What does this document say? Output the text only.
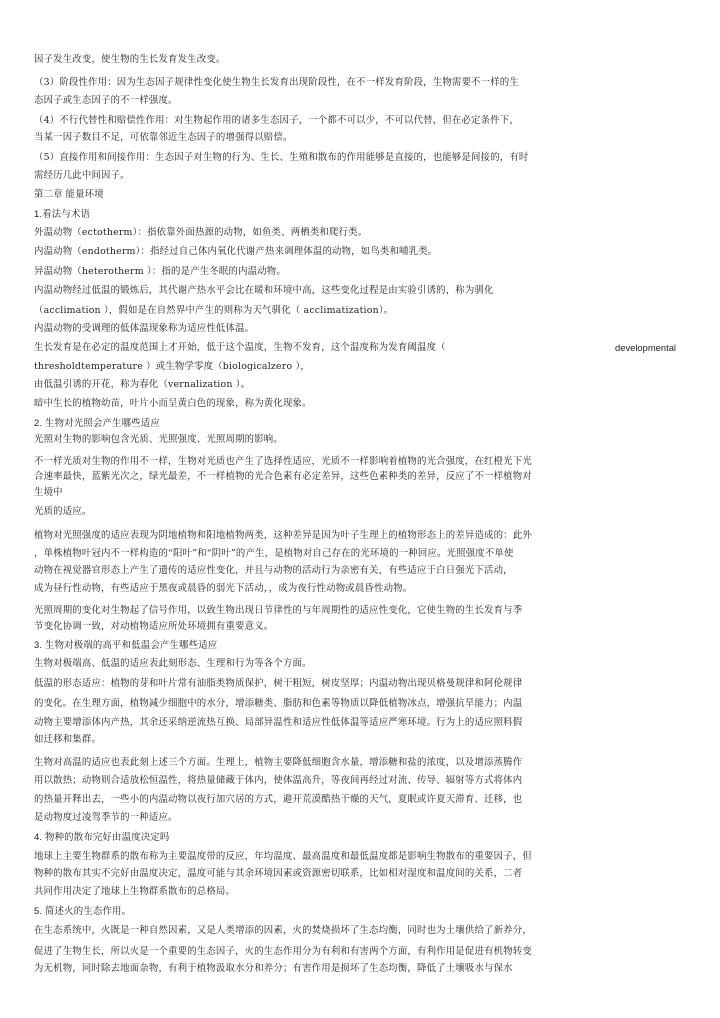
因子发生改变，使生物的生长发育发生改变。
（3）阶段性作用：因为生态因子规律性变化使生物生长发育出现阶段性，在不一样发育阶段，生物需要不一样的生
态因子或生态因子的不一样强度。
（4）不行代替性和赔偿性作用：对生物起作用的诸多生态因子，一个都不可以少，不可以代替，但在必定条件下，
当某一因子数目不足，可依靠邻近生态因子的增强得以赔偿。
（5）直接作用和间接作用：生态因子对生物的行为、生长、生殖和散布的作用能够是直接的，也能够是间接的，有时
需经历几此中间因子。
第二章 能量环境
1.看法与术语
外温动物（ectotherm）：指依靠外面热源的动物，如鱼类、两栖类和爬行类。
内温动物（endotherm）：指经过自己体内氧化代谢产热来调理体温的动物，如鸟类和哺乳类。
异温动物（heterotherm ）：指的是产生冬眠的内温动物。
内温动物经过低温的锻炼后，其代谢产热水平会比在暖和环境中高，这些变化过程是由实验引诱的，称为驯化
（acclimation ），假如是在自然界中产生的则称为天气驯化（ acclimatization）。
内温动物的受调理的低体温现象称为适应性低体温。
生长发育是在必定的温度范围上才开始，低于这个温度，生物不发育，这个温度称为发育阈温度（	developmental
thresholdtemperature ）或生物学零度（biologicalzero ），
由低温引诱的开花，称为春化（vernalization ）。
暗中生长的植物幼苗，叶片小而呈黄白色的现象，称为黄化现象。
2. 生物对光照会产生哪些适应
光照对生物的影响包含光质、光照强度、光照周期的影响。
不一样光质对生物的作用不一样，生物对光质也产生了选择性适应，光质不一样影响着植物的光合强度，在红橙光下光
合速率最快，蓝紫光次之，绿光最差，不一样植物的光合色素有必定差异，这些色素种类的差异，反应了不一样植物对
生境中
光质的适应。
植物对光照强度的适应表现为阴地植物和阳地植物两类，这种差异是因为叶子生理上的植物形态上的差异造成的：此外
，单株植物叶冠内不一样构造的“阳叶”和“阴叶”的产生，是植物对自己存在的光环境的一种回应。光照强度不单使
动物在视觉器官形态上产生了遗传的适应性变化，并且与动物的活动行为亲密有关，有些适应于白日强光下活动，
成为昼行性动物，有些适应于黑夜或晨昏的弱光下活动，，成为夜行性动物或晨昏性动物。
光照周期的变化对生物起了信号作用，以致生物出现日节律性的与年周期性的适应性变化，它使生物的生长发育与季
节变化协调一致，对动植物适应所处环境拥有重要意义。
3. 生物对极端的高平和低温会产生哪些适应
生物对极端高、低温的适应表此刻形态、生理和行为等各个方面。
低温的形态适应：植物的芽和叶片常有油脂类物质保护，树干粗短，树皮坚厚；内温动物出现贝格曼规律和阿伦规律
的变化。在生理方面，植物减少细胞中的水分，增添糖类、脂肪和色素等物质以降低植物冰点，增强抗旱能力；内温
动物主要增添体内产热，其余还采纳逆流热互换、局部异温性和适应性低体温等适应严寒环境。行为上的适应照料假
如迁移和集群。
生物对高温的适应也表此刻上述三个方面。生理上，植物主要降低细胞含水量，增添糖和盐的浓度，以及增添蒸腾作
用以散热；动物则合适放松恒温性，将热量储藏于体内，使体温高升，等夜间再经过对流、传导、辐射等方式将体内
的热量开释出去，一些小的内温动物以夜行加穴居的方式，避开荒漠酷热干燥的天气，夏眠或许夏天滞育、迁移，也
是动物度过凌驾季节的一种适应。
4. 物种的散布完好由温度决定吗
地球上主要生物群系的散布称为主要温度带的反应，年均温度、最高温度和最低温度都是影响生物散布的重要因子，但
物种的散布其实不完好由温度决定，温度可能与其余环境因素或资源密切联系，比如相对湿度和温度间的关系，二者
共同作用决定了地球上生物群系散布的总格局。
5. 简述火的生态作用。
在生态系统中，火既是一种自然因素，又是人类增添的因素，火的焚烧损坏了生态均衡，同时也为土壤供给了新养分，
促进了生物生长，所以火是一个重要的生态因子，火的生态作用分为有利和有害两个方面，有利作用是促进有机物转变
为无机物，同时除去地面杂物，有利于植物汲取水分和养分；有害作用是损坏了生态均衡，降低了土壤吸水与保水
